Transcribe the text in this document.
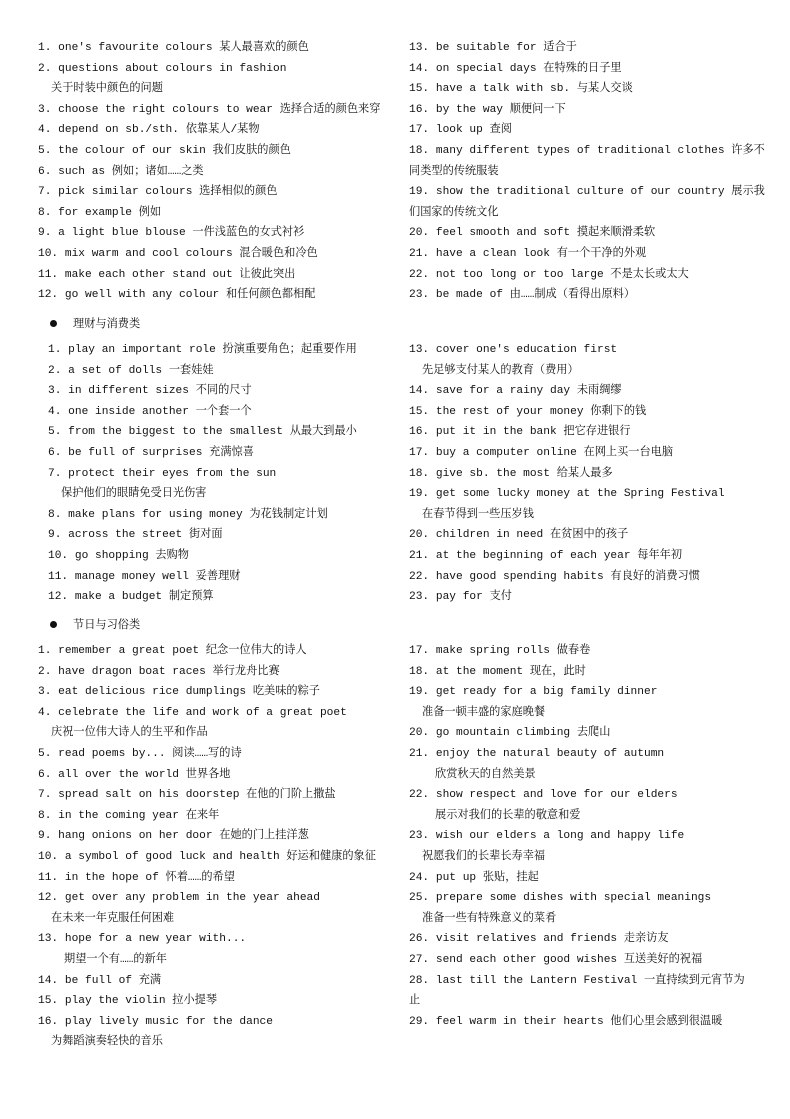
1. one's favourite colours 某人最喜欢的颜色
2. questions about colours in fashion
关于时装中颜色的问题
3. choose the right colours to wear 选择合适的颜色来穿
4. depend on sb./sth. 依靠某人/某物
5. the colour of our skin 我们皮肤的颜色
6. such as 例如；诸如……之类
7. pick similar colours 选择相似的颜色
8. for example 例如
9. a light blue blouse 一件浅蓝色的女式衬衫
10. mix warm and cool colours 混合暖色和冷色
11. make each other stand out 让彼此突出
12. go well with any colour 和任何颜色都相配
13. be suitable for 适合于
14. on special days 在特殊的日子里
15. have a talk with sb. 与某人交谈
16. by the way 顺便问一下
17. look up 查阅
18. many different types of traditional clothes 许多不
同类型的传统服装
19. show the traditional culture of our country 展示我
们国家的传统文化
20. feel smooth and soft 摸起来顺滑柔软
21. have a clean look 有一个干净的外观
22. not too long or too large 不是太长或太大
23. be made of 由……制成（看得出原料）
理财与消费类
1. play an important role 扮演重要角色；起重要作用
2. a set of dolls 一套娃娃
3. in different sizes 不同的尺寸
4. one inside another 一个套一个
5. from the biggest to the smallest 从最大到最小
6. be full of surprises 充满惊喜
7. protect their eyes from the sun
保护他们的眼睛免受日光伤害
8. make plans for using money 为花钱制定计划
9. across the street 街对面
10. go shopping 去购物
11. manage money well 妥善理财
12. make a budget 制定预算
13. cover one's education first
先足够支付某人的教育（费用）
14. save for a rainy day 未雨绸缪
15. the rest of your money 你剩下的钱
16. put it in the bank 把它存进银行
17. buy a computer online 在网上买一台电脑
18. give sb. the most 给某人最多
19. get some lucky money at the Spring Festival
在春节得到一些压岁钱
20. children in need 在贫困中的孩子
21. at the beginning of each year 每年年初
22. have good spending habits 有良好的消费习惯
23. pay for 支付
节日与习俗类
1. remember a great poet 纪念一位伟大的诗人
2. have dragon boat races 举行龙舟比赛
3. eat delicious rice dumplings 吃美味的粽子
4. celebrate the life and work of a great poet
庆祝一位伟大诗人的生平和作品
5. read poems by... 阅读……写的诗
6. all over the world 世界各地
7. spread salt on his doorstep 在他的门阶上撒盐
8. in the coming year 在来年
9. hang onions on her door 在她的门上挂洋葱
10. a symbol of good luck and health 好运和健康的象征
11. in the hope of 怀着……的希望
12. get over any problem in the year ahead
在未来一年克服任何困难
13. hope for a new year with...
期望一个有……的新年
14. be full of 充满
15. play the violin 拉小提琴
16. play lively music for the dance
为舞蹈演奏轻快的音乐
17. make spring rolls 做春卷
18. at the moment 现在，此时
19. get ready for a big family dinner
准备一顿丰盛的家庭晚餐
20. go mountain climbing 去爬山
21. enjoy the natural beauty of autumn
欣赏秋天的自然美景
22. show respect and love for our elders
展示对我们的长辈的敬意和爱
23. wish our elders a long and happy life
祝愿我们的长辈长寿幸福
24. put up 张贴，挂起
25. prepare some dishes with special meanings
准备一些有特殊意义的菜肴
26. visit relatives and friends 走亲访友
27. send each other good wishes 互送美好的祝福
28. last till the Lantern Festival 一直持续到元宵节为
止
29. feel warm in their hearts 他们心里会感到很温暖
